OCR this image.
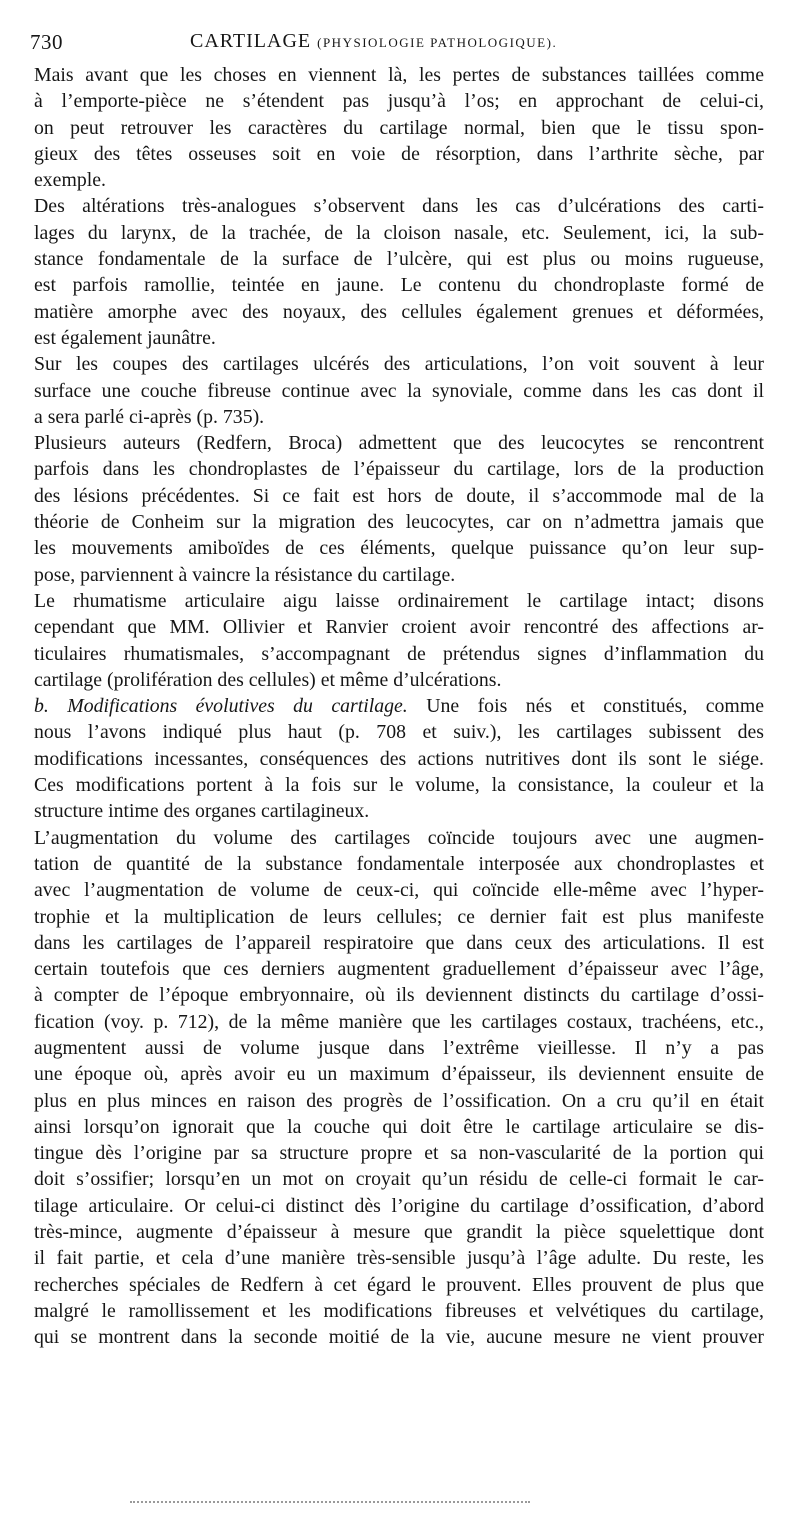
730	CARTILAGE (PHYSIOLOGIE PATHOLOGIQUE).
Mais avant que les choses en viennent là, les pertes de substances taillées comme
à l’emporte-pièce ne s’étendent pas jusqu’à l’os; en approchant de celui-ci,
on peut retrouver les caractères du cartilage normal, bien que le tissu spon-
gieux des têtes osseuses soit en voie de résorption, dans l’arthrite sèche, par
exemple.
Des altérations très-analogues s’observent dans les cas d’ulcérations des carti-
lages du larynx, de la trachée, de la cloison nasale, etc. Seulement, ici, la sub-
stance fondamentale de la surface de l’ulcère, qui est plus ou moins rugueuse,
est parfois ramollie, teintée en jaune. Le contenu du chondroplaste formé de
matière amorphe avec des noyaux, des cellules également grenues et déformées,
est également jaunâtre.
Sur les coupes des cartilages ulcérés des articulations, l’on voit souvent à leur
surface une couche fibreuse continue avec la synoviale, comme dans les cas dont il
a sera parlé ci-après (p. 735).
Plusieurs auteurs (Redfern, Broca) admettent que des leucocytes se rencontrent
parfois dans les chondroplastes de l’épaisseur du cartilage, lors de la production
des lésions précédentes. Si ce fait est hors de doute, il s’accommode mal de la
théorie de Conheim sur la migration des leucocytes, car on n’admettra jamais que
les mouvements amiboïdes de ces éléments, quelque puissance qu’on leur sup-
pose, parviennent à vaincre la résistance du cartilage.
Le rhumatisme articulaire aigu laisse ordinairement le cartilage intact; disons
cependant que MM. Ollivier et Ranvier croient avoir rencontré des affections ar-
ticulaires rhumatismales, s’accompagnant de prétendus signes d’inflammation du
cartilage (prolifération des cellules) et même d’ulcérations.
b. Modifications évolutives du cartilage. Une fois nés et constitués, comme
nous l’avons indiqué plus haut (p. 708 et suiv.), les cartilages subissent des
modifications incessantes, conséquences des actions nutritives dont ils sont le siége.
Ces modifications portent à la fois sur le volume, la consistance, la couleur et la
structure intime des organes cartilagineux.
L’augmentation du volume des cartilages coïncide toujours avec une augmen-
tation de quantité de la substance fondamentale interposée aux chondroplastes et
avec l’augmentation de volume de ceux-ci, qui coïncide elle-même avec l’hyper-
trophie et la multiplication de leurs cellules; ce dernier fait est plus manifeste
dans les cartilages de l’appareil respiratoire que dans ceux des articulations. Il est
certain toutefois que ces derniers augmentent graduellement d’épaisseur avec l’âge,
à compter de l’époque embryonnaire, où ils deviennent distincts du cartilage d’ossi-
fication (voy. p. 712), de la même manière que les cartilages costaux, trachéens, etc.,
augmentent aussi de volume jusque dans l’extrême vieillesse. Il n’y a pas
une époque où, après avoir eu un maximum d’épaisseur, ils deviennent ensuite de
plus en plus minces en raison des progrès de l’ossification. On a cru qu’il en était
ainsi lorsqu’on ignorait que la couche qui doit être le cartilage articulaire se dis-
tingue dès l’origine par sa structure propre et sa non-vascularité de la portion qui
doit s’ossifier; lorsqu’en un mot on croyait qu’un résidu de celle-ci formait le car-
tilage articulaire. Or celui-ci distinct dès l’origine du cartilage d’ossification, d’abord
très-mince, augmente d’épaisseur à mesure que grandit la pièce squelettique dont
il fait partie, et cela d’une manière très-sensible jusqu’à l’âge adulte. Du reste, les
recherches spéciales de Redfern à cet égard le prouvent. Elles prouvent de plus que
malgré le ramollissement et les modifications fibreuses et velvétiques du cartilage,
qui se montrent dans la seconde moitié de la vie, aucune mesure ne vient prouver
